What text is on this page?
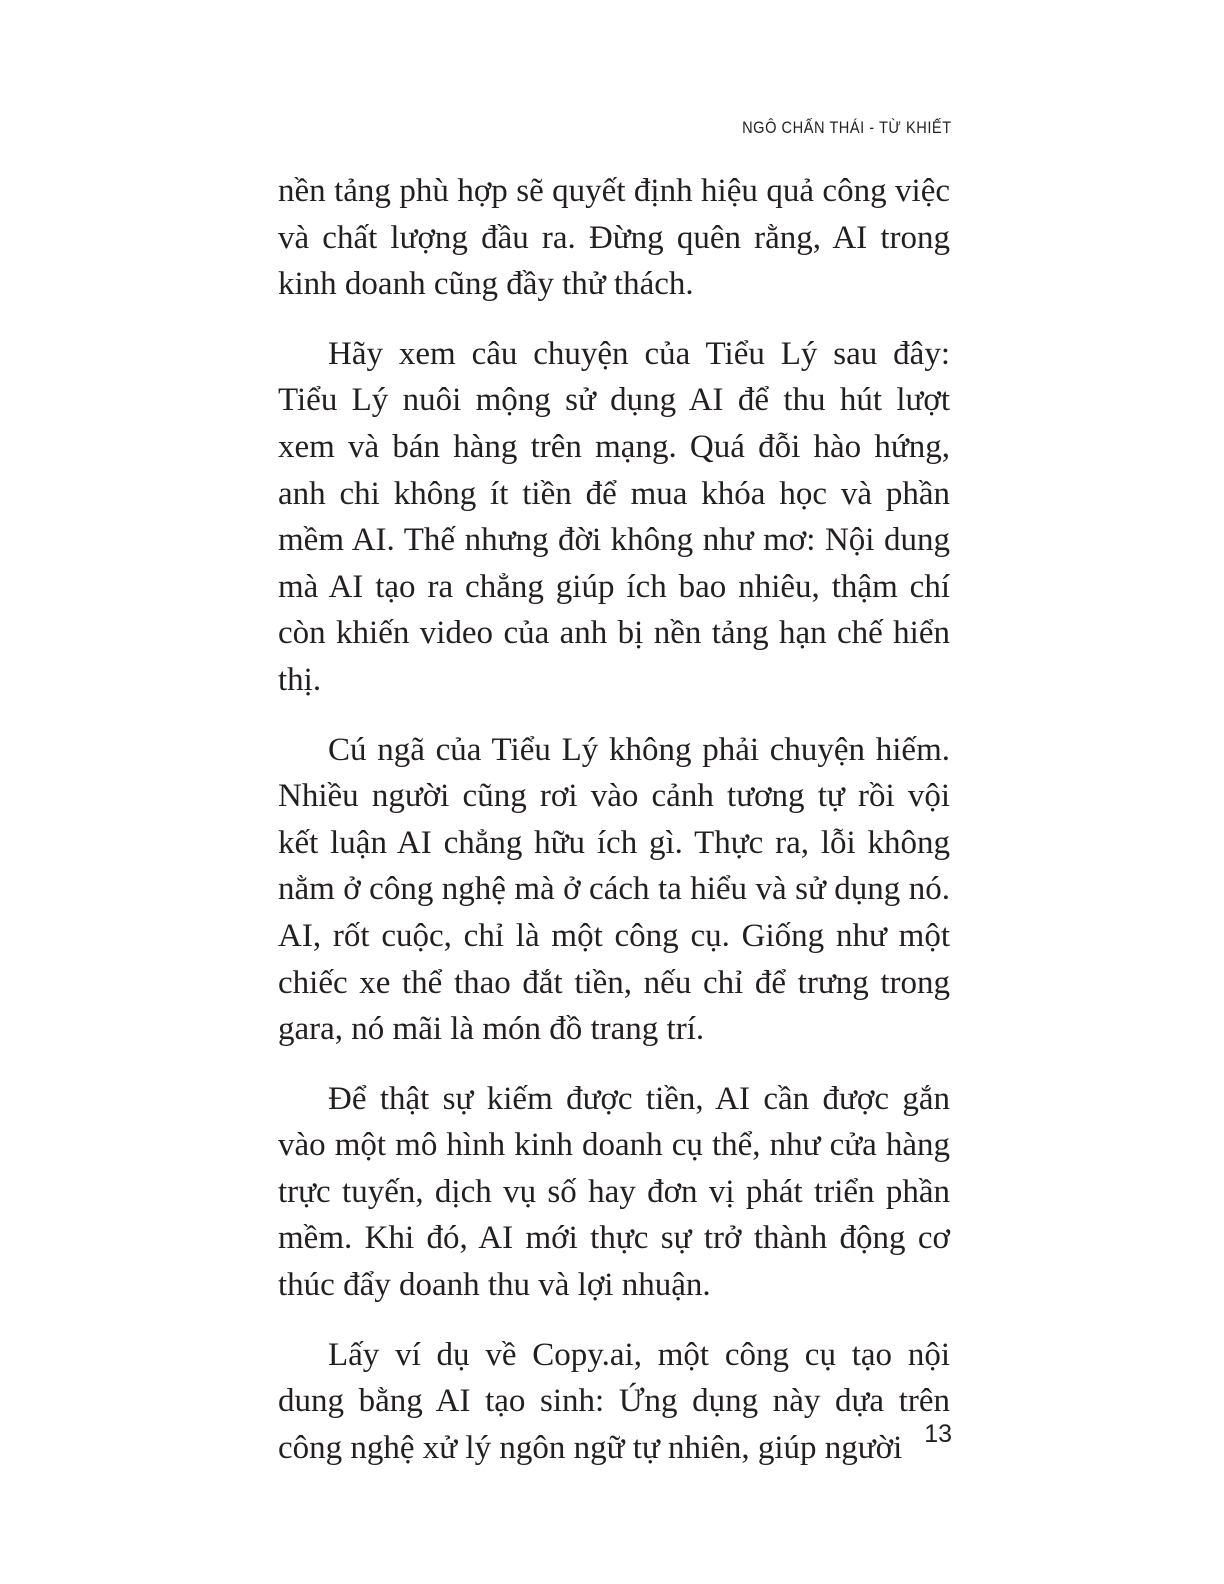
NGÔ CHẤN THÁI - TỪ KHIẾT

nền tảng phù hợp sẽ quyết định hiệu quả công việc và chất lượng đầu ra. Đừng quên rằng, AI trong kinh doanh cũng đầy thử thách.

Hãy xem câu chuyện của Tiểu Lý sau đây: Tiểu Lý nuôi mộng sử dụng AI để thu hút lượt xem và bán hàng trên mạng. Quá đỗi hào hứng, anh chi không ít tiền để mua khóa học và phần mềm AI. Thế nhưng đời không như mơ: Nội dung mà AI tạo ra chẳng giúp ích bao nhiêu, thậm chí còn khiến video của anh bị nền tảng hạn chế hiển thị.

Cú ngã của Tiểu Lý không phải chuyện hiếm. Nhiều người cũng rơi vào cảnh tương tự rồi vội kết luận AI chẳng hữu ích gì. Thực ra, lỗi không nằm ở công nghệ mà ở cách ta hiểu và sử dụng nó. AI, rốt cuộc, chỉ là một công cụ. Giống như một chiếc xe thể thao đắt tiền, nếu chỉ để trưng trong gara, nó mãi là món đồ trang trí.

Để thật sự kiếm được tiền, AI cần được gắn vào một mô hình kinh doanh cụ thể, như cửa hàng trực tuyến, dịch vụ số hay đơn vị phát triển phần mềm. Khi đó, AI mới thực sự trở thành động cơ thúc đẩy doanh thu và lợi nhuận.

Lấy ví dụ về Copy.ai, một công cụ tạo nội dung bằng AI tạo sinh: Ứng dụng này dựa trên công nghệ xử lý ngôn ngữ tự nhiên, giúp người 13
